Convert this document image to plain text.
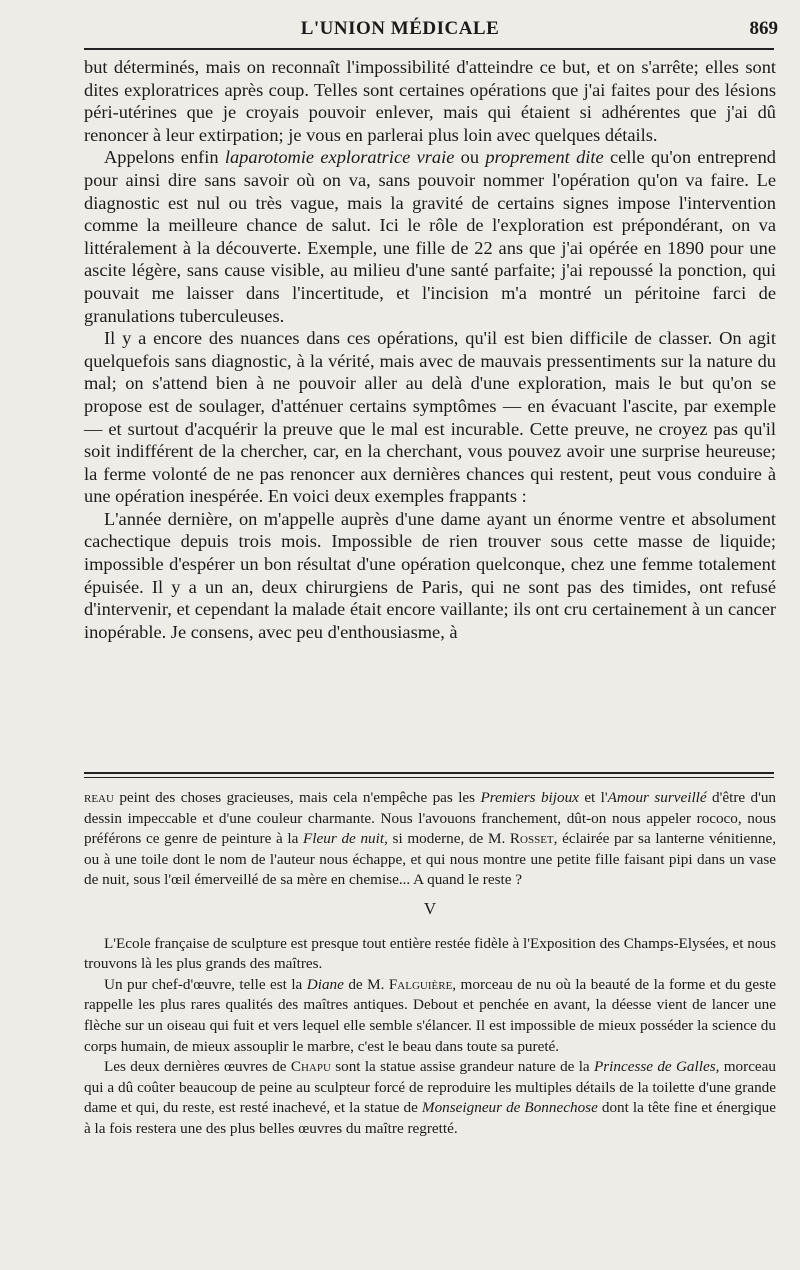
L'UNION MÉDICALE	869

but déterminés, mais on reconnaît l'impossibilité d'atteindre ce but, et on s'arrête; elles sont dites exploratrices après coup. Telles sont certaines opérations que j'ai faites pour des lésions péri-utérines que je croyais pouvoir enlever, mais qui étaient si adhérentes que j'ai dû renoncer à leur extirpation; je vous en parlerai plus loin avec quelques détails.

Appelons enfin laparotomie exploratrice vraie ou proprement dite celle qu'on entreprend pour ainsi dire sans savoir où on va, sans pouvoir nommer l'opération qu'on va faire. Le diagnostic est nul ou très vague, mais la gravité de certains signes impose l'intervention comme la meilleure chance de salut. Ici le rôle de l'exploration est prépondérant, on va littéralement à la découverte. Exemple, une fille de 22 ans que j'ai opérée en 1890 pour une ascite légère, sans cause visible, au milieu d'une santé parfaite; j'ai repoussé la ponction, qui pouvait me laisser dans l'incertitude, et l'incision m'a montré un péritoine farci de granulations tuberculeuses.

Il y a encore des nuances dans ces opérations, qu'il est bien difficile de classer. On agit quelquefois sans diagnostic, à la vérité, mais avec de mauvais pressentiments sur la nature du mal; on s'attend bien à ne pouvoir aller au delà d'une exploration, mais le but qu'on se propose est de soulager, d'atténuer certains symptômes — en évacuant l'ascite, par exemple — et surtout d'acquérir la preuve que le mal est incurable. Cette preuve, ne croyez pas qu'il soit indifférent de la chercher, car, en la cherchant, vous pouvez avoir une surprise heureuse; la ferme volonté de ne pas renoncer aux dernières chances qui restent, peut vous conduire à une opération inespérée. En voici deux exemples frappants :

L'année dernière, on m'appelle auprès d'une dame ayant un énorme ventre et absolument cachectique depuis trois mois. Impossible de rien trouver sous cette masse de liquide; impossible d'espérer un bon résultat d'une opération quelconque, chez une femme totalement épuisée. Il y a un an, deux chirurgiens de Paris, qui ne sont pas des timides, ont refusé d'intervenir, et cependant la malade était encore vaillante; ils ont cru certainement à un cancer inopérable. Je consens, avec peu d'enthousiasme, à

reau peint des choses gracieuses, mais cela n'empêche pas les Premiers bijoux et l'Amour surveillé d'être d'un dessin impeccable et d'une couleur charmante. Nous l'avouons franchement, dût-on nous appeler rococo, nous préférons ce genre de peinture à la Fleur de nuit, si moderne, de M. Rosset, éclairée par sa lanterne vénitienne, ou à une toile dont le nom de l'auteur nous échappe, et qui nous montre une petite fille faisant pipi dans un vase de nuit, sous l'œil émerveillé de sa mère en chemise... A quand le reste ?

V

L'Ecole française de sculpture est presque tout entière restée fidèle à l'Exposition des Champs-Elysées, et nous trouvons là les plus grands des maîtres.

Un pur chef-d'œuvre, telle est la Diane de M. Falguière, morceau de nu où la beauté de la forme et du geste rappelle les plus rares qualités des maîtres antiques. Debout et penchée en avant, la déesse vient de lancer une flèche sur un oiseau qui fuit et vers lequel elle semble s'élancer. Il est impossible de mieux posséder la science du corps humain, de mieux assouplir le marbre, c'est le beau dans toute sa pureté.

Les deux dernières œuvres de Chapu sont la statue assise grandeur nature de la Princesse de Galles, morceau qui a dû coûter beaucoup de peine au sculpteur forcé de reproduire les multiples détails de la toilette d'une grande dame et qui, du reste, est resté inachevé, et la statue de Monseigneur de Bonnechose dont la tête fine et énergique à la fois restera une des plus belles œuvres du maître regretté.
